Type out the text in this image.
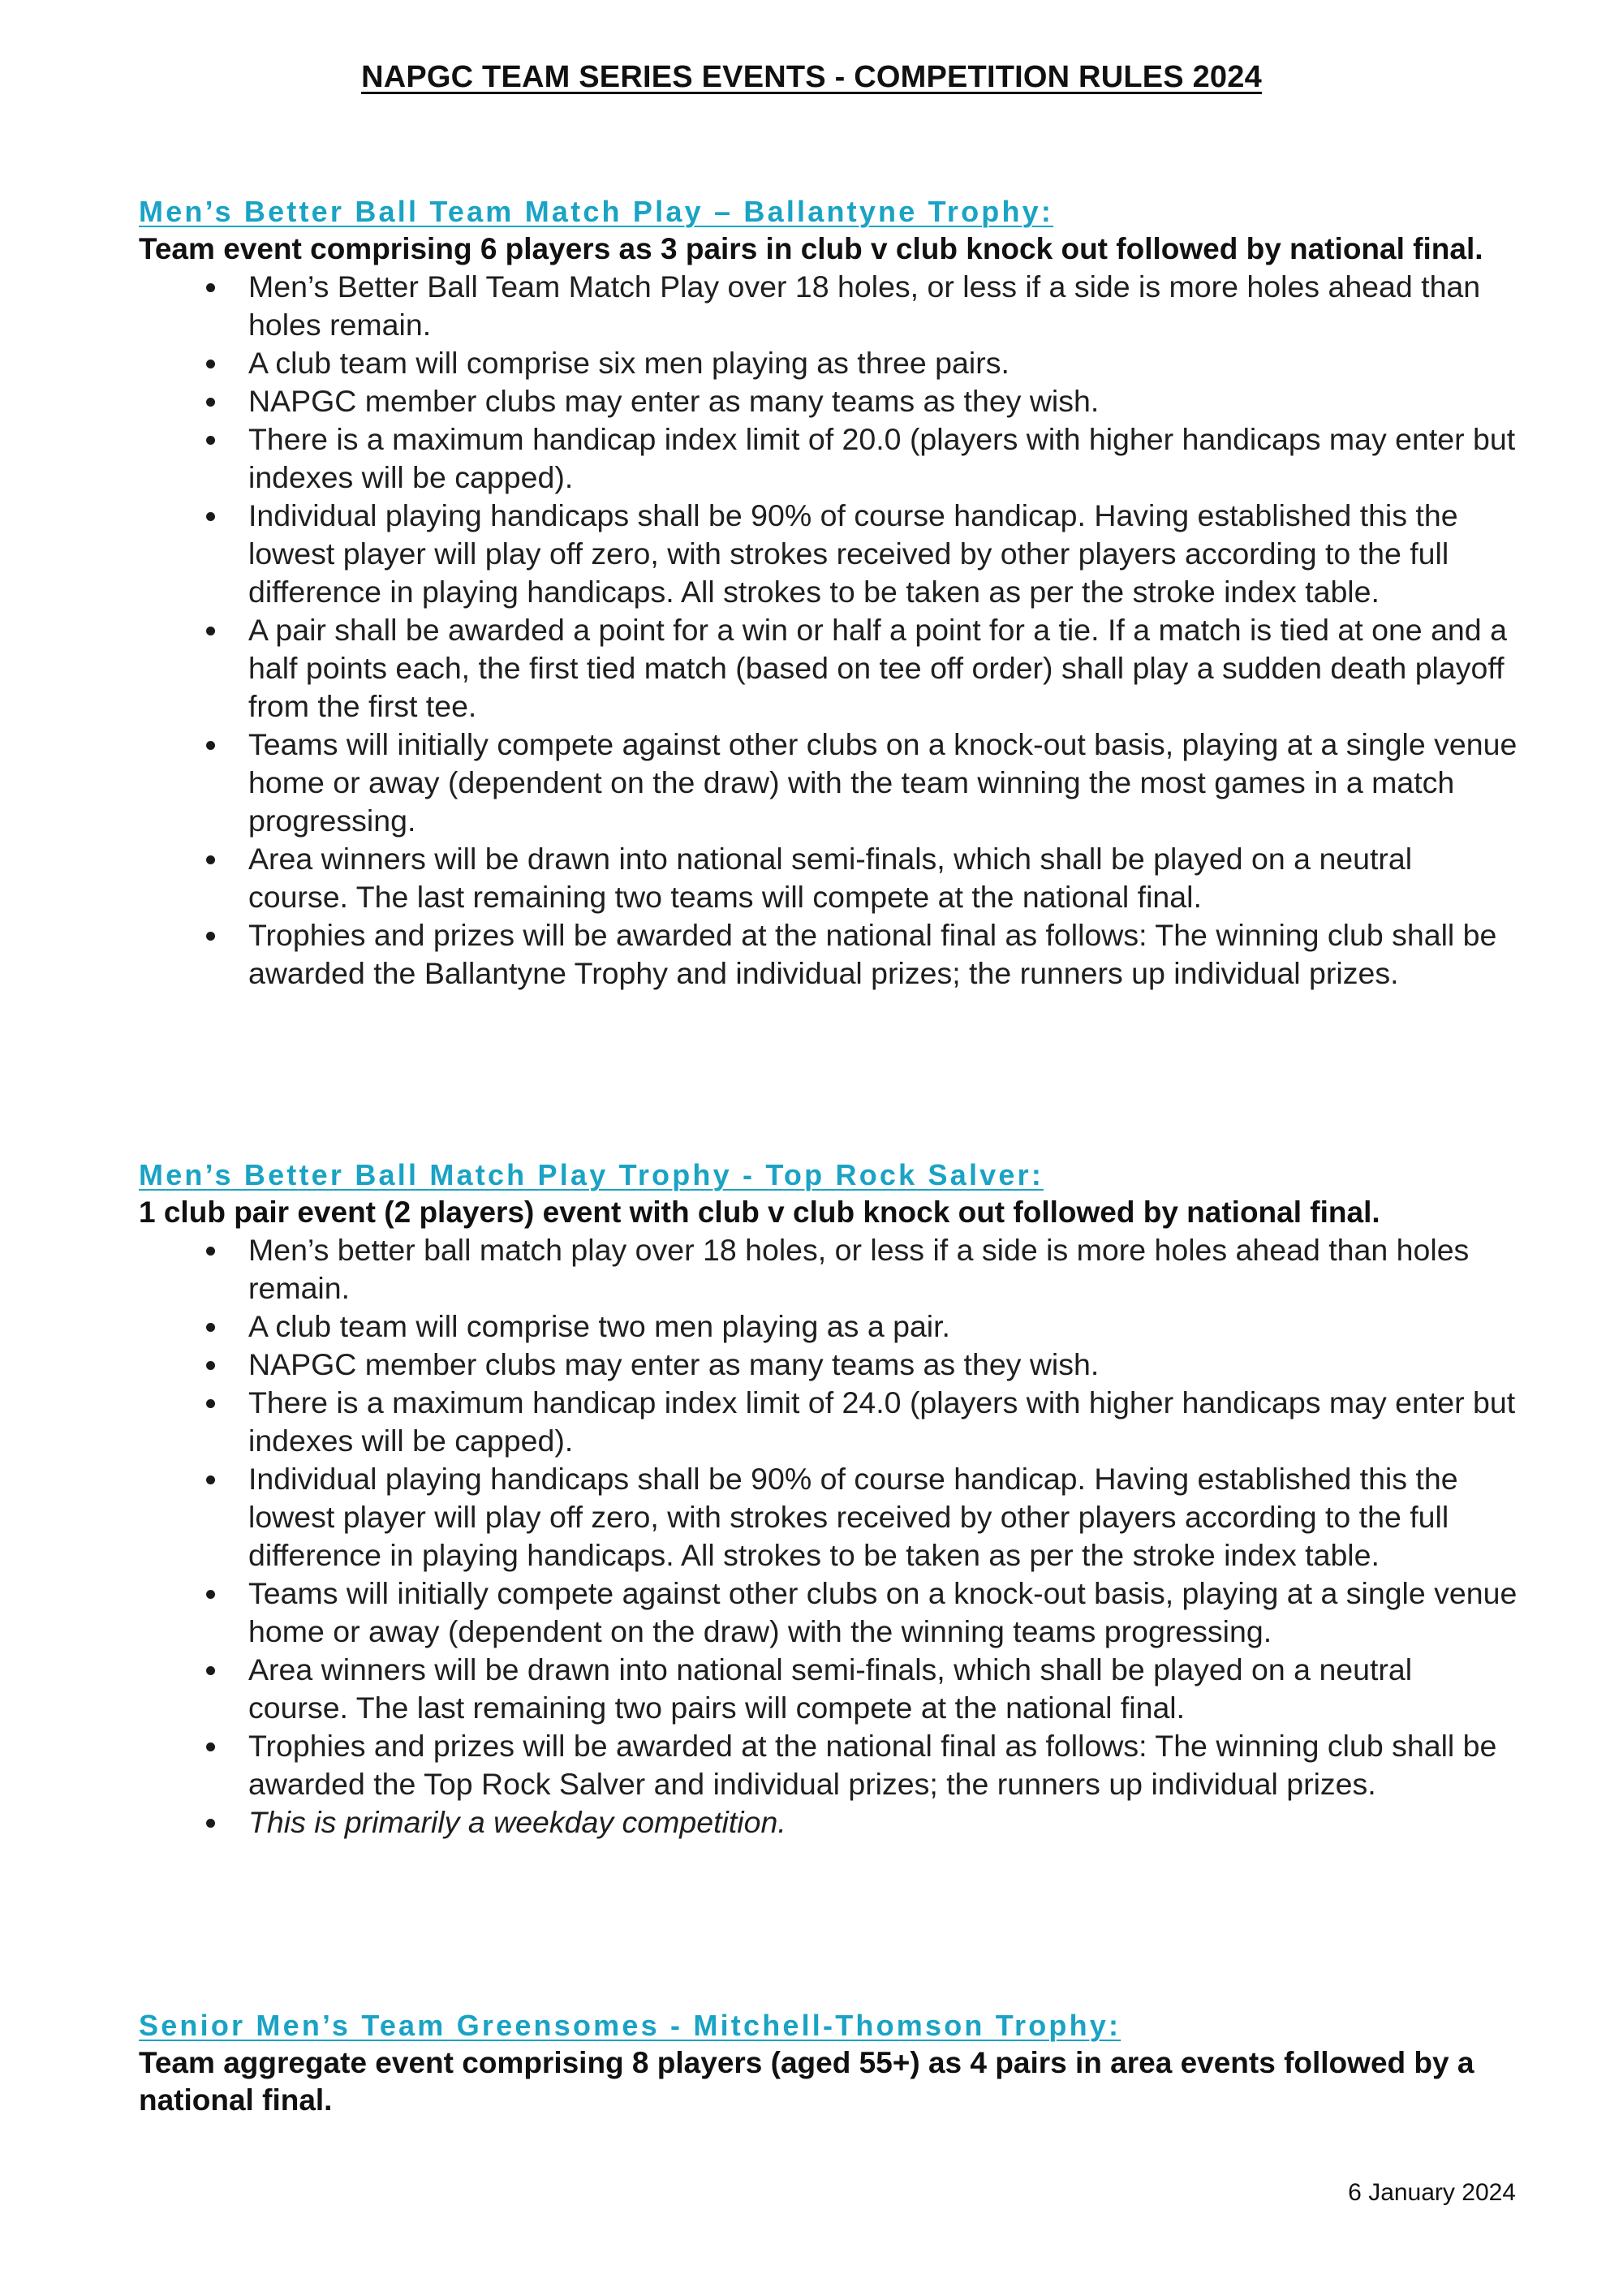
NAPGC TEAM SERIES EVENTS - COMPETITION RULES 2024

Men’s Better Ball Team Match Play – Ballantyne Trophy:

Team event comprising 6 players as 3 pairs in club v club knock out followed by national final.

Men’s Better Ball Team Match Play over 18 holes, or less if a side is more holes ahead than holes remain.
A club team will comprise six men playing as three pairs.
NAPGC member clubs may enter as many teams as they wish.
There is a maximum handicap index limit of 20.0 (players with higher handicaps may enter but indexes will be capped).
Individual playing handicaps shall be 90% of course handicap. Having established this the lowest player will play off zero, with strokes received by other players according to the full difference in playing handicaps. All strokes to be taken as per the stroke index table.
A pair shall be awarded a point for a win or half a point for a tie. If a match is tied at one and a half points each, the first tied match (based on tee off order) shall play a sudden death playoff from the first tee.
Teams will initially compete against other clubs on a knock-out basis, playing at a single venue home or away (dependent on the draw) with the team winning the most games in a match progressing.
Area winners will be drawn into national semi-finals, which shall be played on a neutral course. The last remaining two teams will compete at the national final.
Trophies and prizes will be awarded at the national final as follows: The winning club shall be awarded the Ballantyne Trophy and individual prizes; the runners up individual prizes.

Men’s Better Ball Match Play Trophy - Top Rock Salver:

1 club pair event (2 players) event with club v club knock out followed by national final.

Men’s better ball match play over 18 holes, or less if a side is more holes ahead than holes remain.
A club team will comprise two men playing as a pair.
NAPGC member clubs may enter as many teams as they wish.
There is a maximum handicap index limit of 24.0 (players with higher handicaps may enter but indexes will be capped).
Individual playing handicaps shall be 90% of course handicap. Having established this the lowest player will play off zero, with strokes received by other players according to the full difference in playing handicaps. All strokes to be taken as per the stroke index table.
Teams will initially compete against other clubs on a knock-out basis, playing at a single venue home or away (dependent on the draw) with the winning teams progressing.
Area winners will be drawn into national semi-finals, which shall be played on a neutral course. The last remaining two pairs will compete at the national final.
Trophies and prizes will be awarded at the national final as follows: The winning club shall be awarded the Top Rock Salver and individual prizes; the runners up individual prizes.
This is primarily a weekday competition.

Senior Men’s Team Greensomes - Mitchell-Thomson Trophy:

Team aggregate event comprising 8 players (aged 55+) as 4 pairs in area events followed by a national final.

6 January 2024
